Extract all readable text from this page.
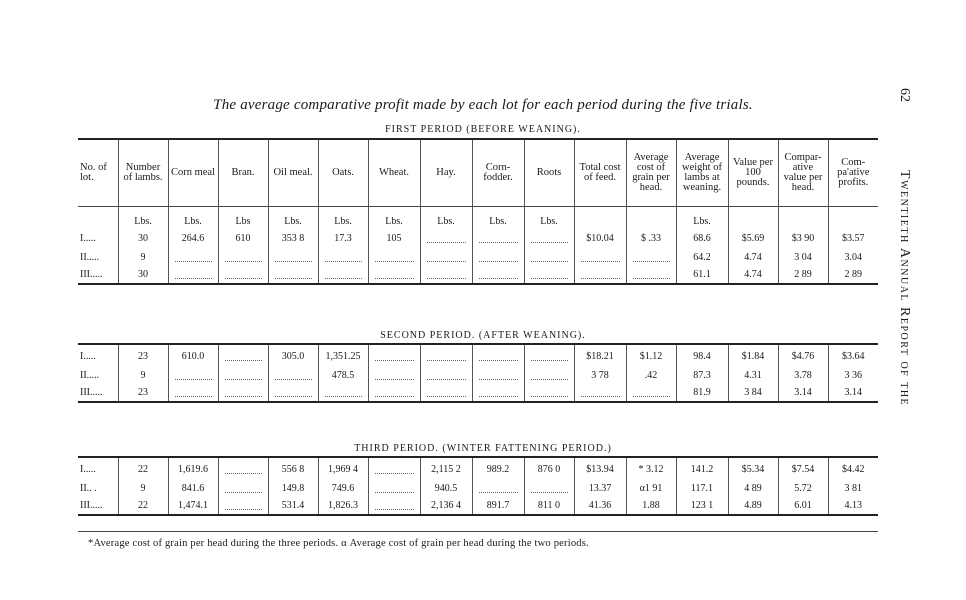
62
Twentieth Annual Report of the
The average comparative profit made by each lot for each period during the five trials.
FIRST PERIOD (BEFORE WEANING).
No. of lot.	Number of lambs.	Corn meal	Bran.	Oil meal.	Oats.	Wheat.	Hay.	Corn-fodder.	Roots	Total cost of feed.	Average cost of grain per head.	Average weight of lambs at weaning.	Value per 100 pounds.	Compar-ative value per head.	Com-pa'ative profits.
	Lbs.	Lbs.	Lbs	Lbs.	Lbs.	Lbs.	Lbs.	Lbs.	Lbs.			Lbs.			
I.....	30	264.6	610	353 8	17.3	105				$10.04	$ .33	68.6	$5.69	$3 90	$3.57
II.....	9											64.2	4.74	3 04	3.04
III.....	30											61.1	4.74	2 89	2 89
SECOND PERIOD. (AFTER WEANING).
I.....	23	610.0		305.0	1,351.25					$18.21	$1.12	98.4	$1.84	$4.76	$3.64
II.....	9				478.5					3 78	.42	87.3	4.31	3.78	3 36
III.....	23											81.9	3 84	3.14	3.14
THIRD PERIOD. (WINTER FATTENING PERIOD.)
I.....	22	1,619.6		556 8	1,969 4		2,115 2	989.2	876 0	$13.94	* 3.12	141.2	$5.34	$7.54	$4.42
II.. .	9	841.6		149.8	749.6		940.5			13.37	α1 91	117.1	4 89	5.72	3 81
III.....	22	1,474.1		531.4	1,826.3		2,136 4	891.7	811 0	41.36	1.88	123 1	4.89	6.01	4.13
*Average cost of grain per head during the three periods. α Average cost of grain per head during the two periods.
